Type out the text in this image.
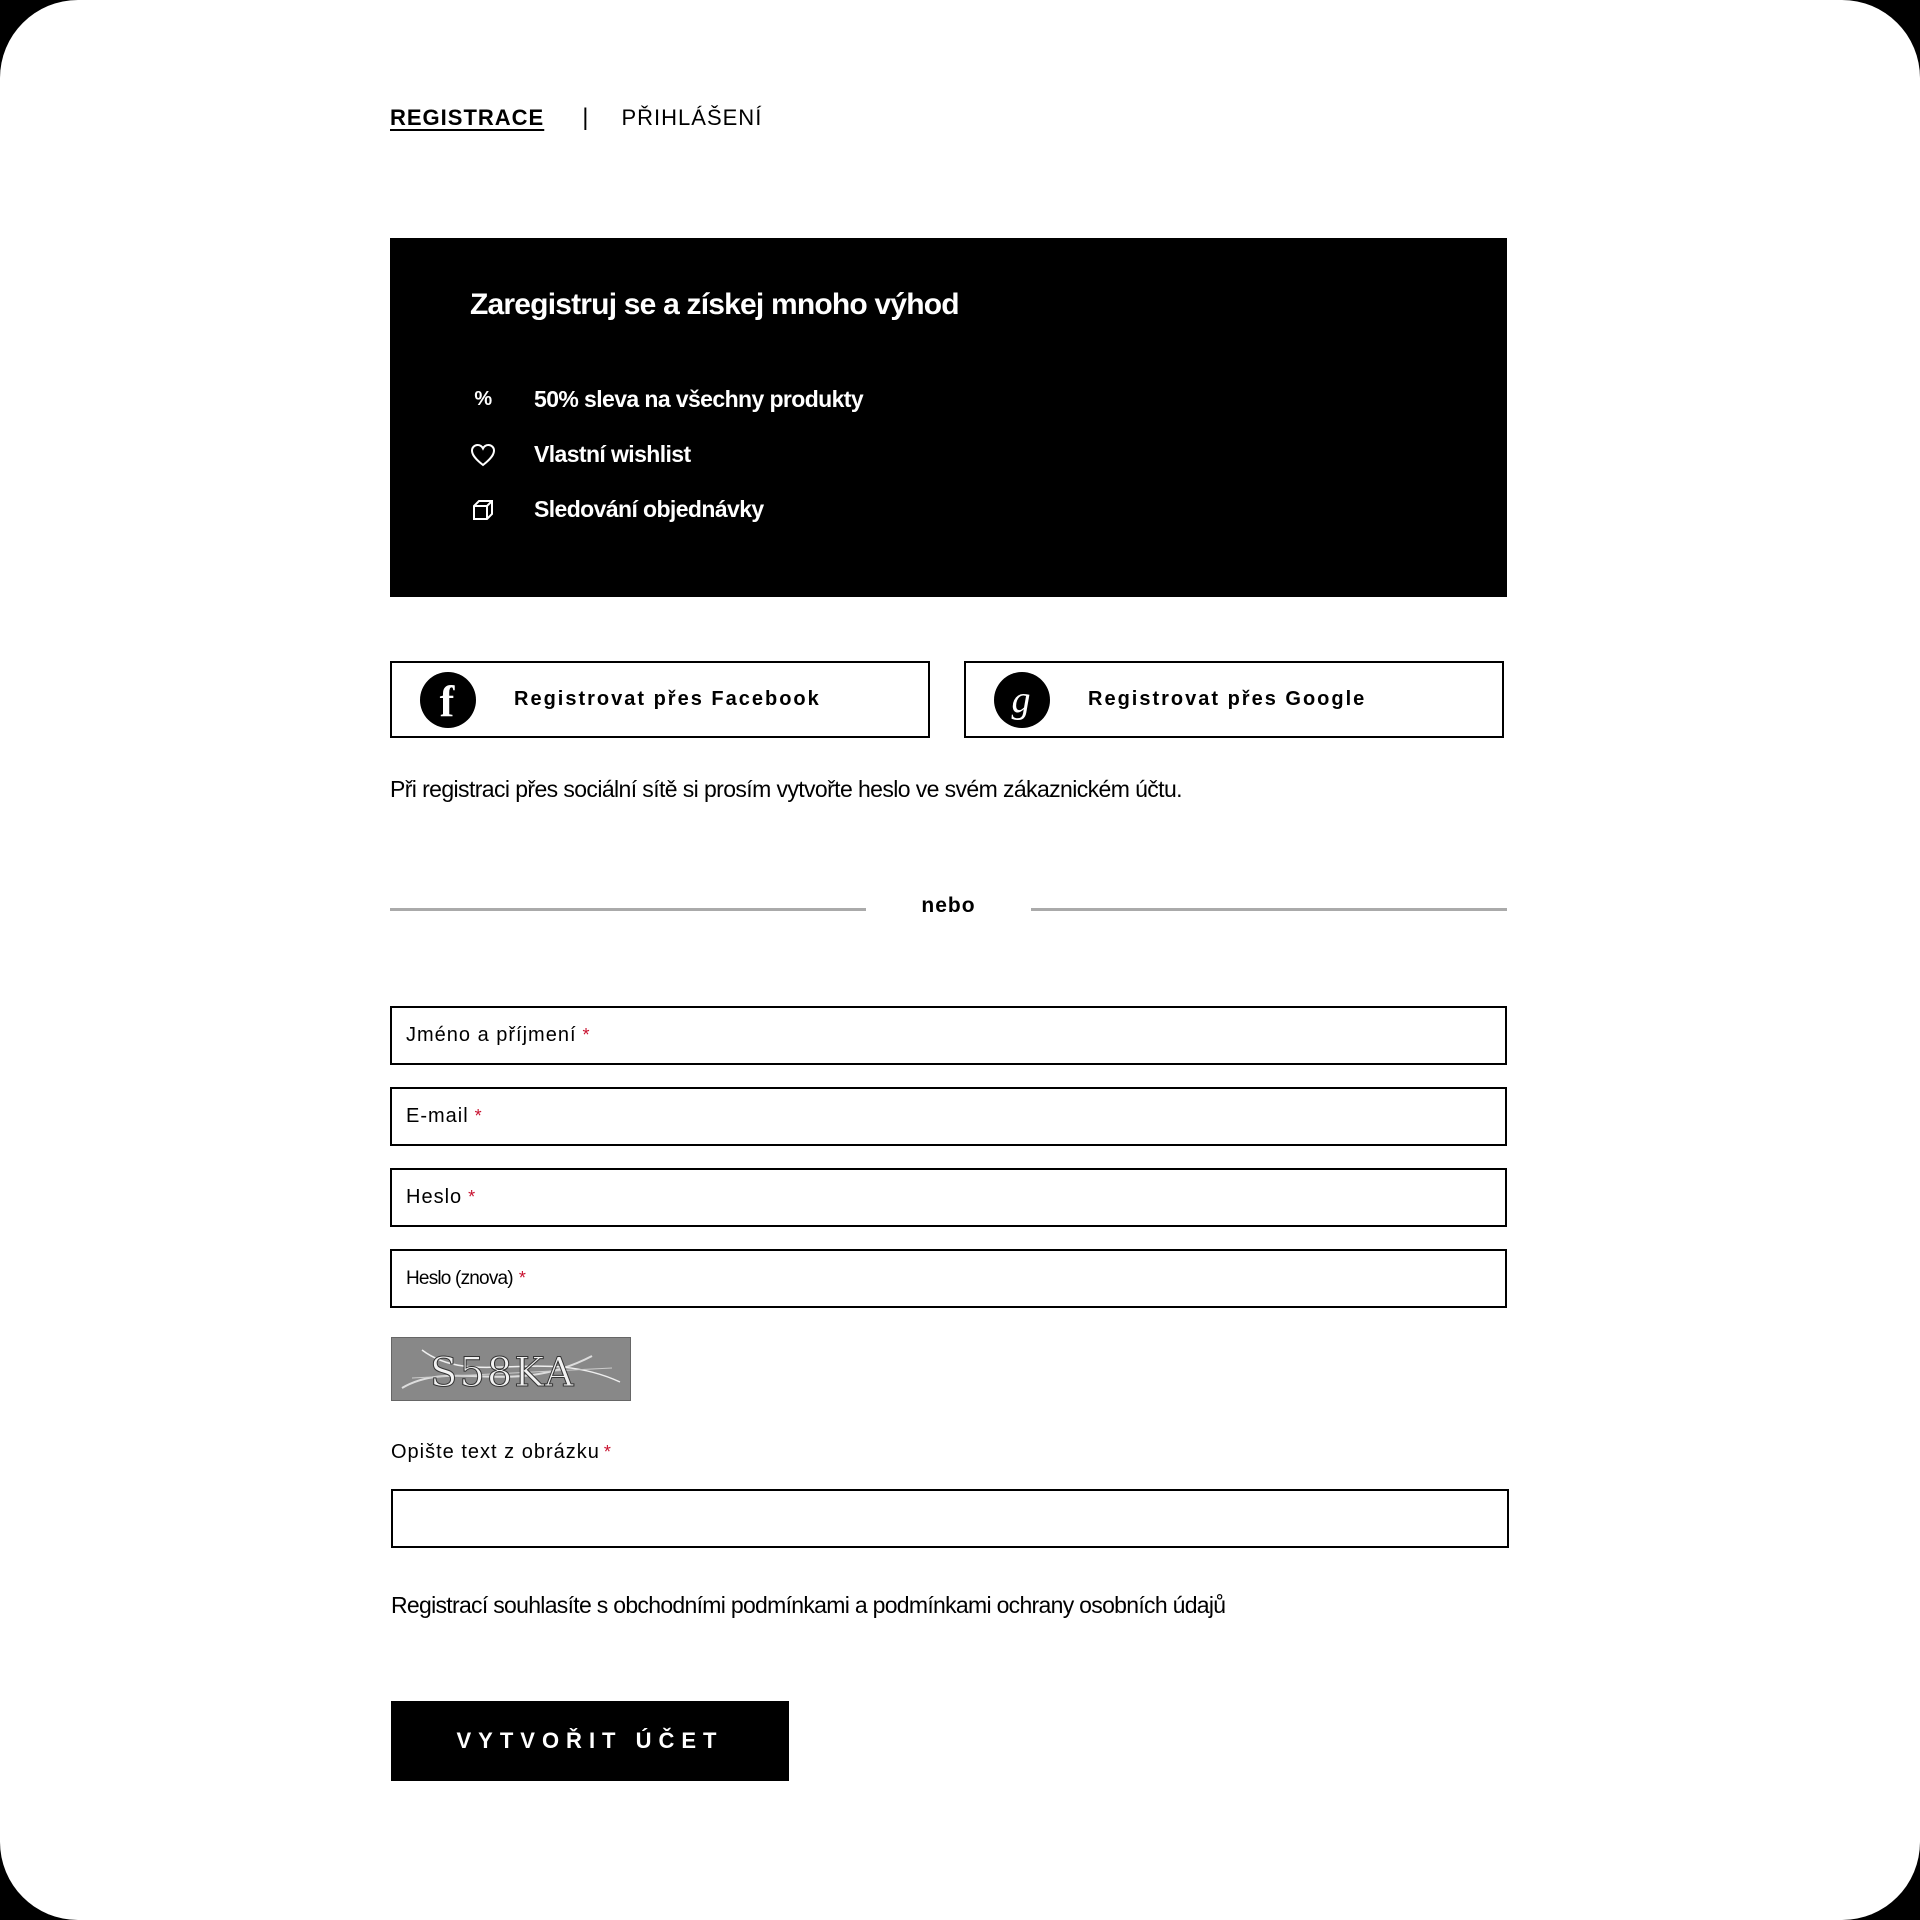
REGISTRACE | PŘIHLÁŠENÍ
Zaregistruj se a získej mnoho výhod
% 50% sleva na všechny produkty
Vlastní wishlist
Sledování objednávky
f	Registrovat přes Facebook	g	Registrovat přes Google
Při registraci přes sociální sítě si prosím vytvořte heslo ve svém zákaznickém účtu.
nebo
Jméno a příjmení *
E-mail *
Heslo *
Heslo (znova) *
S58KA
Opište text z obrázku *
Registrací souhlasíte s obchodními podmínkami a podmínkami ochrany osobních údajů
VYTVOŘIT ÚČET
